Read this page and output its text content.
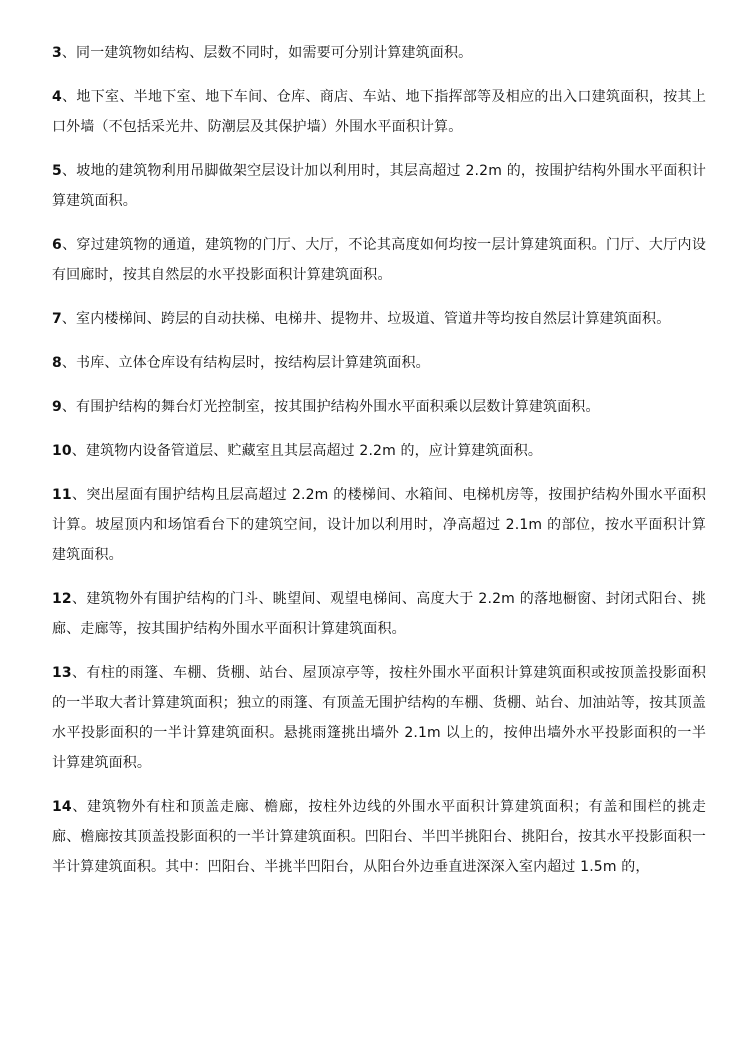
3、同一建筑物如结构、层数不同时，如需要可分别计算建筑面积。

4、地下室、半地下室、地下车间、仓库、商店、车站、地下指挥部等及相应的出入口建筑面积，按其上口外墙（不包括采光井、防潮层及其保护墙）外围水平面积计算。

5、坡地的建筑物利用吊脚做架空层设计加以利用时，其层高超过 2.2m 的，按围护结构外围水平面积计算建筑面积。

6、穿过建筑物的通道，建筑物的门厅、大厅，不论其高度如何均按一层计算建筑面积。门厅、大厅内设有回廊时，按其自然层的水平投影面积计算建筑面积。

7、室内楼梯间、跨层的自动扶梯、电梯井、提物井、垃圾道、管道井等均按自然层计算建筑面积。

8、书库、立体仓库设有结构层时，按结构层计算建筑面积。

9、有围护结构的舞台灯光控制室，按其围护结构外围水平面积乘以层数计算建筑面积。

10、建筑物内设备管道层、贮藏室且其层高超过 2.2m 的，应计算建筑面积。

11、突出屋面有围护结构且层高超过 2.2m 的楼梯间、水箱间、电梯机房等，按围护结构外围水平面积计算。坡屋顶内和场馆看台下的建筑空间，设计加以利用时，净高超过 2.1m 的部位，按水平面积计算建筑面积。

12、建筑物外有围护结构的门斗、眺望间、观望电梯间、高度大于 2.2m 的落地橱窗、封闭式阳台、挑廊、走廊等，按其围护结构外围水平面积计算建筑面积。

13、有柱的雨篷、车棚、货棚、站台、屋顶凉亭等，按柱外围水平面积计算建筑面积或按顶盖投影面积的一半取大者计算建筑面积；独立的雨篷、有顶盖无围护结构的车棚、货棚、站台、加油站等，按其顶盖水平投影面积的一半计算建筑面积。悬挑雨篷挑出墙外 2.1m 以上的，按伸出墙外水平投影面积的一半计算建筑面积。

14、建筑物外有柱和顶盖走廊、檐廊，按柱外边线的外围水平面积计算建筑面积；有盖和围栏的挑走廊、檐廊按其顶盖投影面积的一半计算建筑面积。凹阳台、半凹半挑阳台、挑阳台，按其水平投影面积一半计算建筑面积。其中：凹阳台、半挑半凹阳台，从阳台外边垂直进深深入室内超过 1.5m 的，
